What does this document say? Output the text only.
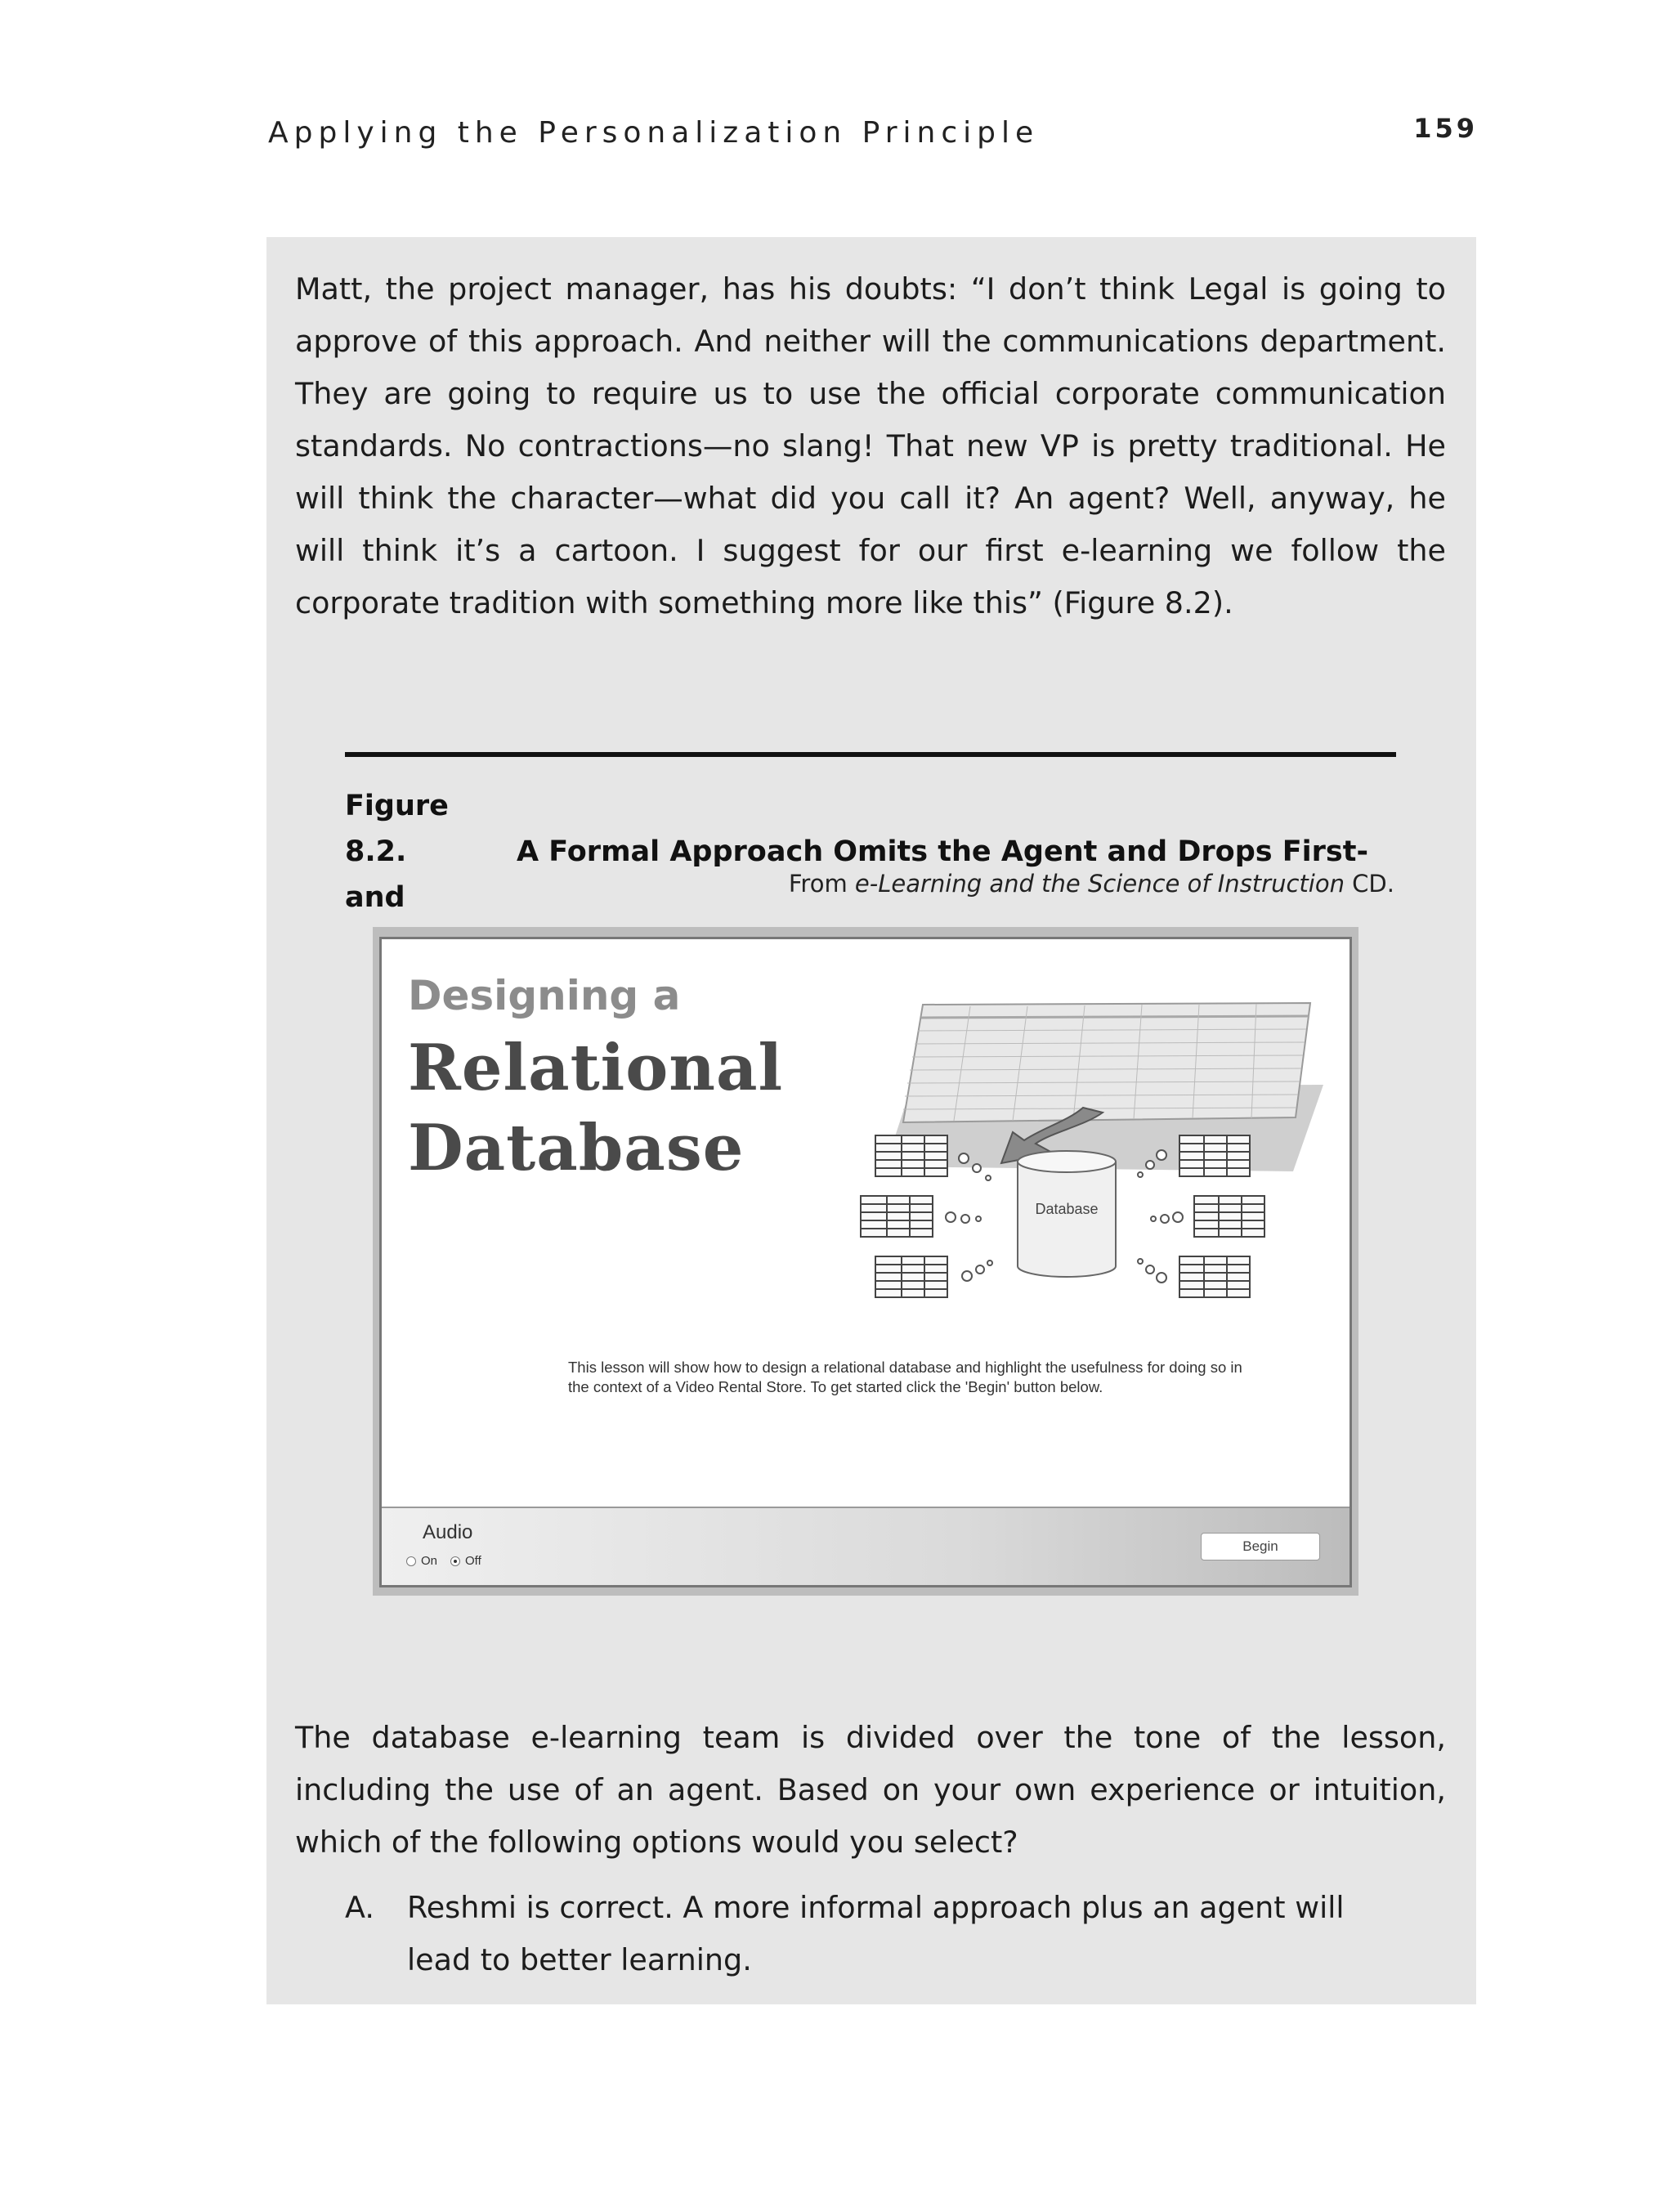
Applying the Personalization Principle	159
Matt, the project manager, has his doubts: “I don’t think Legal is going to approve of this approach. And neither will the communications department. They are going to require us to use the official corporate communication standards. No contractions—no slang! That new VP is pretty traditional. He will think the character—what did you call it? An agent? Well, anyway, he will think it’s a cartoon. I suggest for our first e-learning we follow the corporate tradition with something more like this” (Figure 8.2).
Figure 8.2.	A Formal Approach Omits the Agent and Drops First- and	From e-Learning and the Science of Instruction CD.
Designing a
Relational
Database
Database
This lesson will show how to design a relational database and highlight the usefulness for doing so in the context of a Video Rental Store. To get started click the 'Begin' button below.
Audio
On Off
Begin
The database e-learning team is divided over the tone of the lesson, including the use of an agent. Based on your own experience or intuition, which of the following options would you select?
A. Reshmi is correct. A more informal approach plus an agent will lead to better learning.
